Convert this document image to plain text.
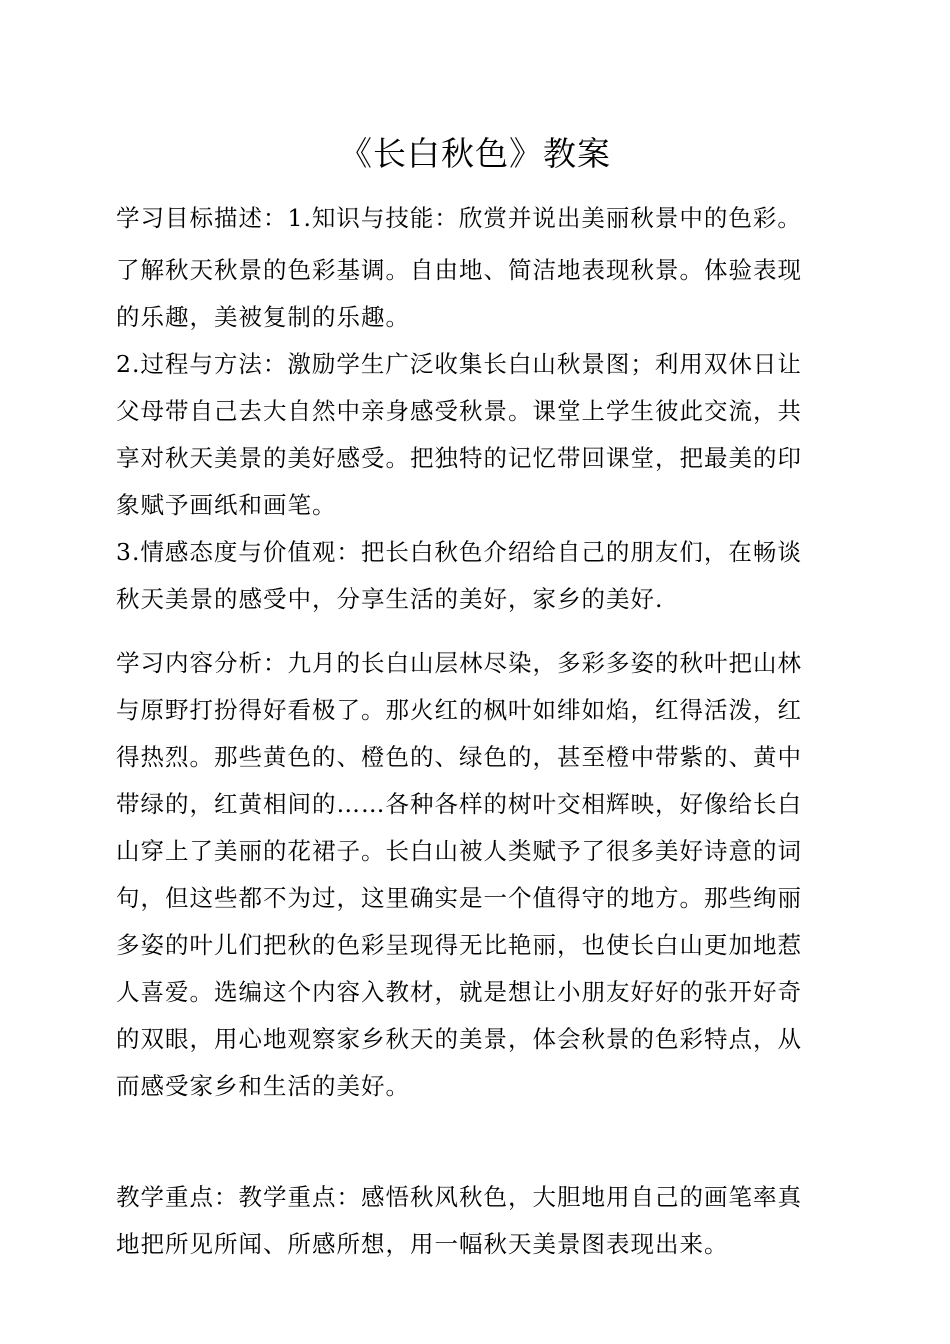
《长白秋色》教案
学习目标描述：1.知识与技能：欣赏并说出美丽秋景中的色彩。
了解秋天秋景的色彩基调。自由地、简洁地表现秋景。体验表现
的乐趣，美被复制的乐趣。
2.过程与方法：激励学生广泛收集长白山秋景图；利用双休日让
父母带自己去大自然中亲身感受秋景。课堂上学生彼此交流，共
享对秋天美景的美好感受。把独特的记忆带回课堂，把最美的印
象赋予画纸和画笔。
3.情感态度与价值观：把长白秋色介绍给自己的朋友们，在畅谈
秋天美景的感受中，分享生活的美好，家乡的美好.
学习内容分析：九月的长白山层林尽染，多彩多姿的秋叶把山林
与原野打扮得好看极了。那火红的枫叶如绯如焰，红得活泼，红
得热烈。那些黄色的、橙色的、绿色的，甚至橙中带紫的、黄中
带绿的，红黄相间的……各种各样的树叶交相辉映，好像给长白
山穿上了美丽的花裙子。长白山被人类赋予了很多美好诗意的词
句，但这些都不为过，这里确实是一个值得守的地方。那些绚丽
多姿的叶儿们把秋的色彩呈现得无比艳丽，也使长白山更加地惹
人喜爱。选编这个内容入教材，就是想让小朋友好好的张开好奇
的双眼，用心地观察家乡秋天的美景，体会秋景的色彩特点，从
而感受家乡和生活的美好。
教学重点：教学重点：感悟秋风秋色，大胆地用自己的画笔率真
地把所见所闻、所感所想，用一幅秋天美景图表现出来。
